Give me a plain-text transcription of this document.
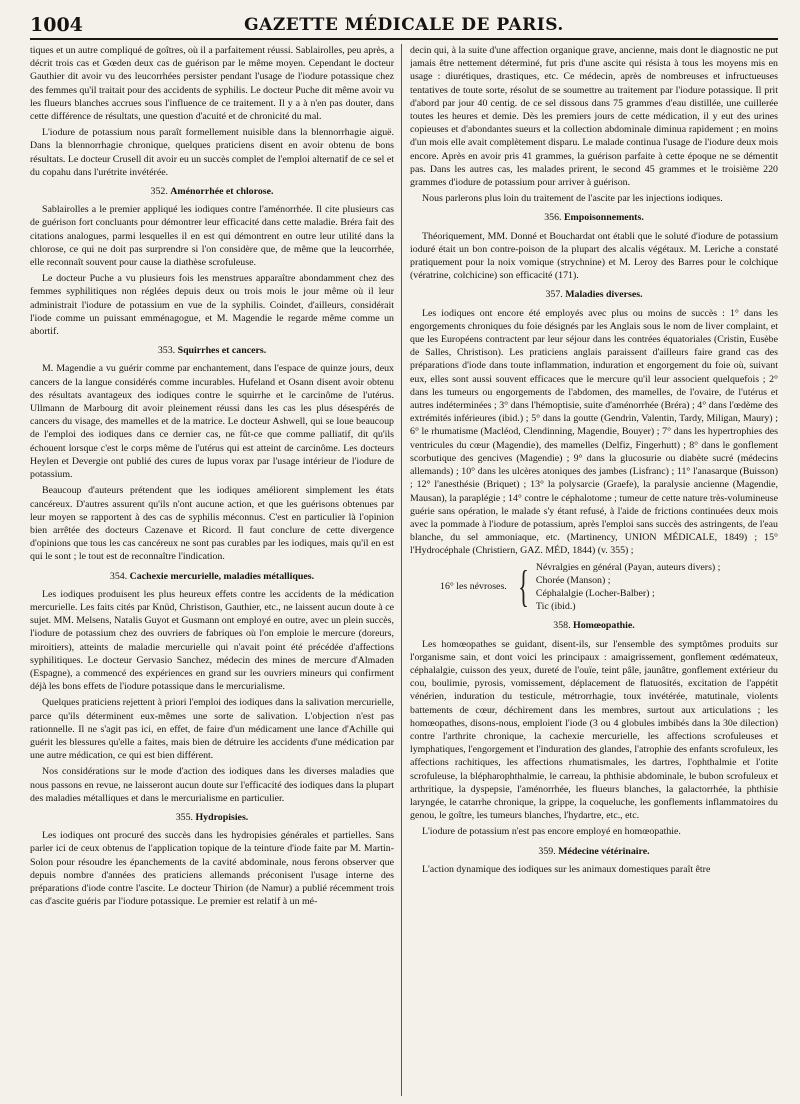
1004	GAZETTE MÉDICALE DE PARIS.

tiques et un autre compliqué de goîtres, où il a parfaitement réussi. Sablairolles, peu après, a décrit trois cas et Gœden deux cas de guérison par le même moyen. Cependant le docteur Gauthier dit avoir vu des leucorrhées persister pendant l'usage de l'iodure potassique chez des femmes qu'il traitait pour des accidents de syphilis. Le docteur Puche dit même avoir vu les flueurs blanches accrues sous l'influence de ce traitement. Il y a à n'en pas douter, dans cette différence de résultats, une question d'acuité et de chronicité du mal.

L'iodure de potassium nous paraît formellement nuisible dans la blennorrhagie aiguë. Dans la blennorrhagie chronique, quelques praticiens disent en avoir obtenu de bons résultats. Le docteur Crusell dit avoir eu un succès complet de l'emploi alternatif de ce sel et du copahu dans l'urétrite invétérée.

352. Aménorrhée et chlorose.

Sablairolles a le premier appliqué les iodiques contre l'aménorrhée. Il cite plusieurs cas de guérison fort concluants pour démontrer leur efficacité dans cette maladie. Bréra fait des citations analogues, parmi lesquelles il en est qui démontrent en outre leur utilité dans la chlorose, ce qui ne doit pas surprendre si l'on considère que, de même que la leucorrhée, elle reconnaît souvent pour cause la diathèse scrofuleuse.

Le docteur Puche a vu plusieurs fois les menstrues apparaître abondamment chez des femmes syphilitiques non réglées depuis deux ou trois mois le jour même où il leur administrait l'iodure de potassium en vue de la syphilis. Coindet, d'ailleurs, considérait l'iode comme un puissant emménagogue, et M. Magendie le regarde même comme un abortif.

353. Squirrhes et cancers.

M. Magendie a vu guérir comme par enchantement, dans l'espace de quinze jours, deux cancers de la langue considérés comme incurables. Hufeland et Osann disent avoir obtenu des résultats avantageux des iodiques contre le squirrhe et le carcinôme de l'utérus. Ullmann de Marbourg dit avoir pleinement réussi dans les cas les plus désespérés de cancers du visage, des mamelles et de la matrice. Le docteur Ashwell, qui se loue beaucoup de l'emploi des iodiques dans ce dernier cas, ne fût-ce que comme palliatif, dit qu'ils échouent lorsque c'est le corps même de l'utérus qui est atteint de carcinôme. Les docteurs Heylen et Devergie ont publié des cures de lupus vorax par l'usage intérieur de l'iodure de potassium.

Beaucoup d'auteurs prétendent que les iodiques améliorent simplement les états cancéreux. D'autres assurent qu'ils n'ont aucune action, et que les guérisons obtenues par leur moyen se rapportent à des cas de syphilis méconnus. C'est en particulier là l'opinion bien arrêtée des docteurs Cazenave et Ricord. Il faut conclure de cette divergence d'opinions que tous les cas cancéreux ne sont pas curables par les iodiques, mais qu'il en est qui le sont ; le tout est de reconnaître l'indication.

354. Cachexie mercurielle, maladies métalliques.

Les iodiques produisent les plus heureux effets contre les accidents de la médication mercurielle. Les faits cités par Knüd, Christison, Gauthier, etc., ne laissent aucun doute à ce sujet. MM. Melsens, Natalis Guyot et Gusmann ont employé en outre, avec un plein succès, l'iodure de potassium chez des ouvriers de fabriques où l'on emploie le mercure (doreurs, miroitiers), atteints de maladie mercurielle qui n'avait point été précédée d'affections syphilitiques. Le docteur Gervasio Sanchez, médecin des mines de mercure d'Almaden (Espagne), a commencé des expériences en grand sur les ouvriers mineurs qui confirment déjà les bons effets de l'iodure potassique dans le mercurialisme.

Quelques praticiens rejettent à priori l'emploi des iodiques dans la salivation mercurielle, parce qu'ils déterminent eux-mêmes une sorte de salivation. L'objection n'est pas rationnelle. Il ne s'agit pas ici, en effet, de faire d'un médicament une lance d'Achille qui guérit les blessures qu'elle a faites, mais bien de détruire les accidents d'une médication par une autre médication, ce qui est bien différent.

Nos considérations sur le mode d'action des iodiques dans les diverses maladies que nous passons en revue, ne laisseront aucun doute sur l'efficacité des iodiques dans la plupart des maladies métalliques et dans le mercurialisme en particulier.

355. Hydropisies.

Les iodiques ont procuré des succès dans les hydropisies générales et partielles. Sans parler ici de ceux obtenus de l'application topique de la teinture d'iode faite par M. Martin-Solon pour résoudre les épanchements de la cavité abdominale, nous ferons observer que depuis nombre d'années des praticiens allemands préconisent l'usage interne des préparations d'iode contre l'ascite. Le docteur Thirion (de Namur) a publié récemment trois cas d'ascite guéris par l'iodure potassique. Le premier est relatif à un mé-

decin qui, à la suite d'une affection organique grave, ancienne, mais dont le diagnostic ne put jamais être nettement déterminé, fut pris d'une ascite qui résista à tous les moyens mis en usage : diurétiques, drastiques, etc. Ce médecin, après de nombreuses et infructueuses tentatives de toute sorte, résolut de se soumettre au traitement par l'iodure potassique. Il prit d'abord par jour 40 centig. de ce sel dissous dans 75 grammes d'eau distillée, une cuillerée toutes les heures et demie. Dès les premiers jours de cette médication, il y eut des urines copieuses et d'abondantes sueurs et la collection abdominale diminua rapidement ; en moins d'un mois elle avait complètement disparu. Le malade continua l'usage de l'iodure deux mois encore. Après en avoir pris 41 grammes, la guérison parfaite à cette époque ne se démentit pas. Dans les autres cas, les malades prirent, le second 45 grammes et le troisième 220 grammes d'iodure de potassium pour arriver à guérison.

Nous parlerons plus loin du traitement de l'ascite par les injections iodiques.

356. Empoisonnements.

Théoriquement, MM. Donné et Bouchardat ont établi que le soluté d'iodure de potassium ioduré était un bon contre-poison de la plupart des alcalis végétaux. M. Leriche a constaté pratiquement pour la noix vomique (strychnine) et M. Leroy des Barres pour le colchique (vératrine, colchicine) son efficacité (171).

357. Maladies diverses.

Les iodiques ont encore été employés avec plus ou moins de succès : 1° dans les engorgements chroniques du foie désignés par les Anglais sous le nom de liver complaint, et que les Européens contractent par leur séjour dans les contrées équatoriales (Cristin, Eusèbe de Salles, Christison). Les praticiens anglais paraissent d'ailleurs faire grand cas des préparations d'iode dans toute inflammation, induration et engorgement du foie où, suivant eux, elles sont aussi souvent efficaces que le mercure qu'il leur associent quelquefois ; 2° dans les tumeurs ou engorgements de l'abdomen, des mamelles, de l'ovaire, de l'utérus et autres indéterminées ; 3° dans l'hémoptisie, suite d'aménorrhée (Bréra) ; 4° dans l'œdème des extrémités inférieures (ibid.) ; 5° dans la goutte (Gendrin, Valentin, Tardy, Miligan, Maury) ; 6° le rhumatisme (Macléod, Clendinning, Magendie, Bouyer) ; 7° dans les hypertrophies des ventricules du cœur (Magendie), des mamelles (Delfiz, Fingerhutt) ; 8° dans le gonflement scorbutique des gencives (Magendie) ; 9° dans la glucosurie ou diabète sucré (médecins allemands) ; 10° dans les ulcères atoniques des jambes (Lisfranc) ; 11° l'anasarque (Buisson) ; 12° l'anesthésie (Briquet) ; 13° la polysarcie (Graefe), la paralysie ancienne (Magendie, Mausan), la paraplégie ; 14° contre le céphalotome ; tumeur de cette nature très-volumineuse guérie sans opération, le malade s'y étant refusé, à l'aide de frictions continuées deux mois avec la pommade à l'iodure de potassium, après l'emploi sans succès des astringents, de l'eau blanche, du sel ammoniaque, etc. (Martinency, UNION MÉDICALE, 1849) ; 15° l'Hydrocéphale (Christiern, GAZ. MÉD, 1844) (v. 355) ;

16° les névroses. { Névralgies en général (Payan, auteurs divers) ;
Chorée (Manson) ;
Céphalalgie (Locher-Balber) ;
Tic (ibid.)
358. Homœopathie.

Les homœopathes se guidant, disent-ils, sur l'ensemble des symptômes produits sur l'organisme sain, et dont voici les principaux : amaigrissement, gonflement œdémateux, céphalalgie, cuisson des yeux, dureté de l'ouïe, teint pâle, jaunâtre, gonflement extérieur du cou, boulimie, pyrosis, vomissement, déplacement de flatuosités, excitation de l'appétit vénérien, induration du testicule, métrorrhagie, toux invétérée, matutinale, violents battements de cœur, déchirement dans les membres, surtout aux articulations ; les homœopathes, disons-nous, emploient l'iode (3 ou 4 globules imbibés dans la 30e dilection) contre l'arthrite chronique, la cachexie mercurielle, les affections scrofuleuses et lymphatiques, l'engorgement et l'induration des glandes, l'atrophie des enfants scrofuleux, les affections rachitiques, les affections rhumatismales, les dartres, l'ophthalmie et l'otite scrofuleuse, la blépharophthalmie, le carreau, la phthisie abdominale, le bubon scrofuleux et arthritique, la dyspepsie, l'aménorrhée, les flueurs blanches, la galactorrhée, la phthisie laryngée, le catarrhe chronique, la grippe, la coqueluche, les gonflements inflammatoires du genou, le goître, les tumeurs blanches, l'hydartre, etc., etc.

L'iodure de potassium n'est pas encore employé en homœopathie.

359. Médecine vétérinaire.

L'action dynamique des iodiques sur les animaux domestiques paraît être
